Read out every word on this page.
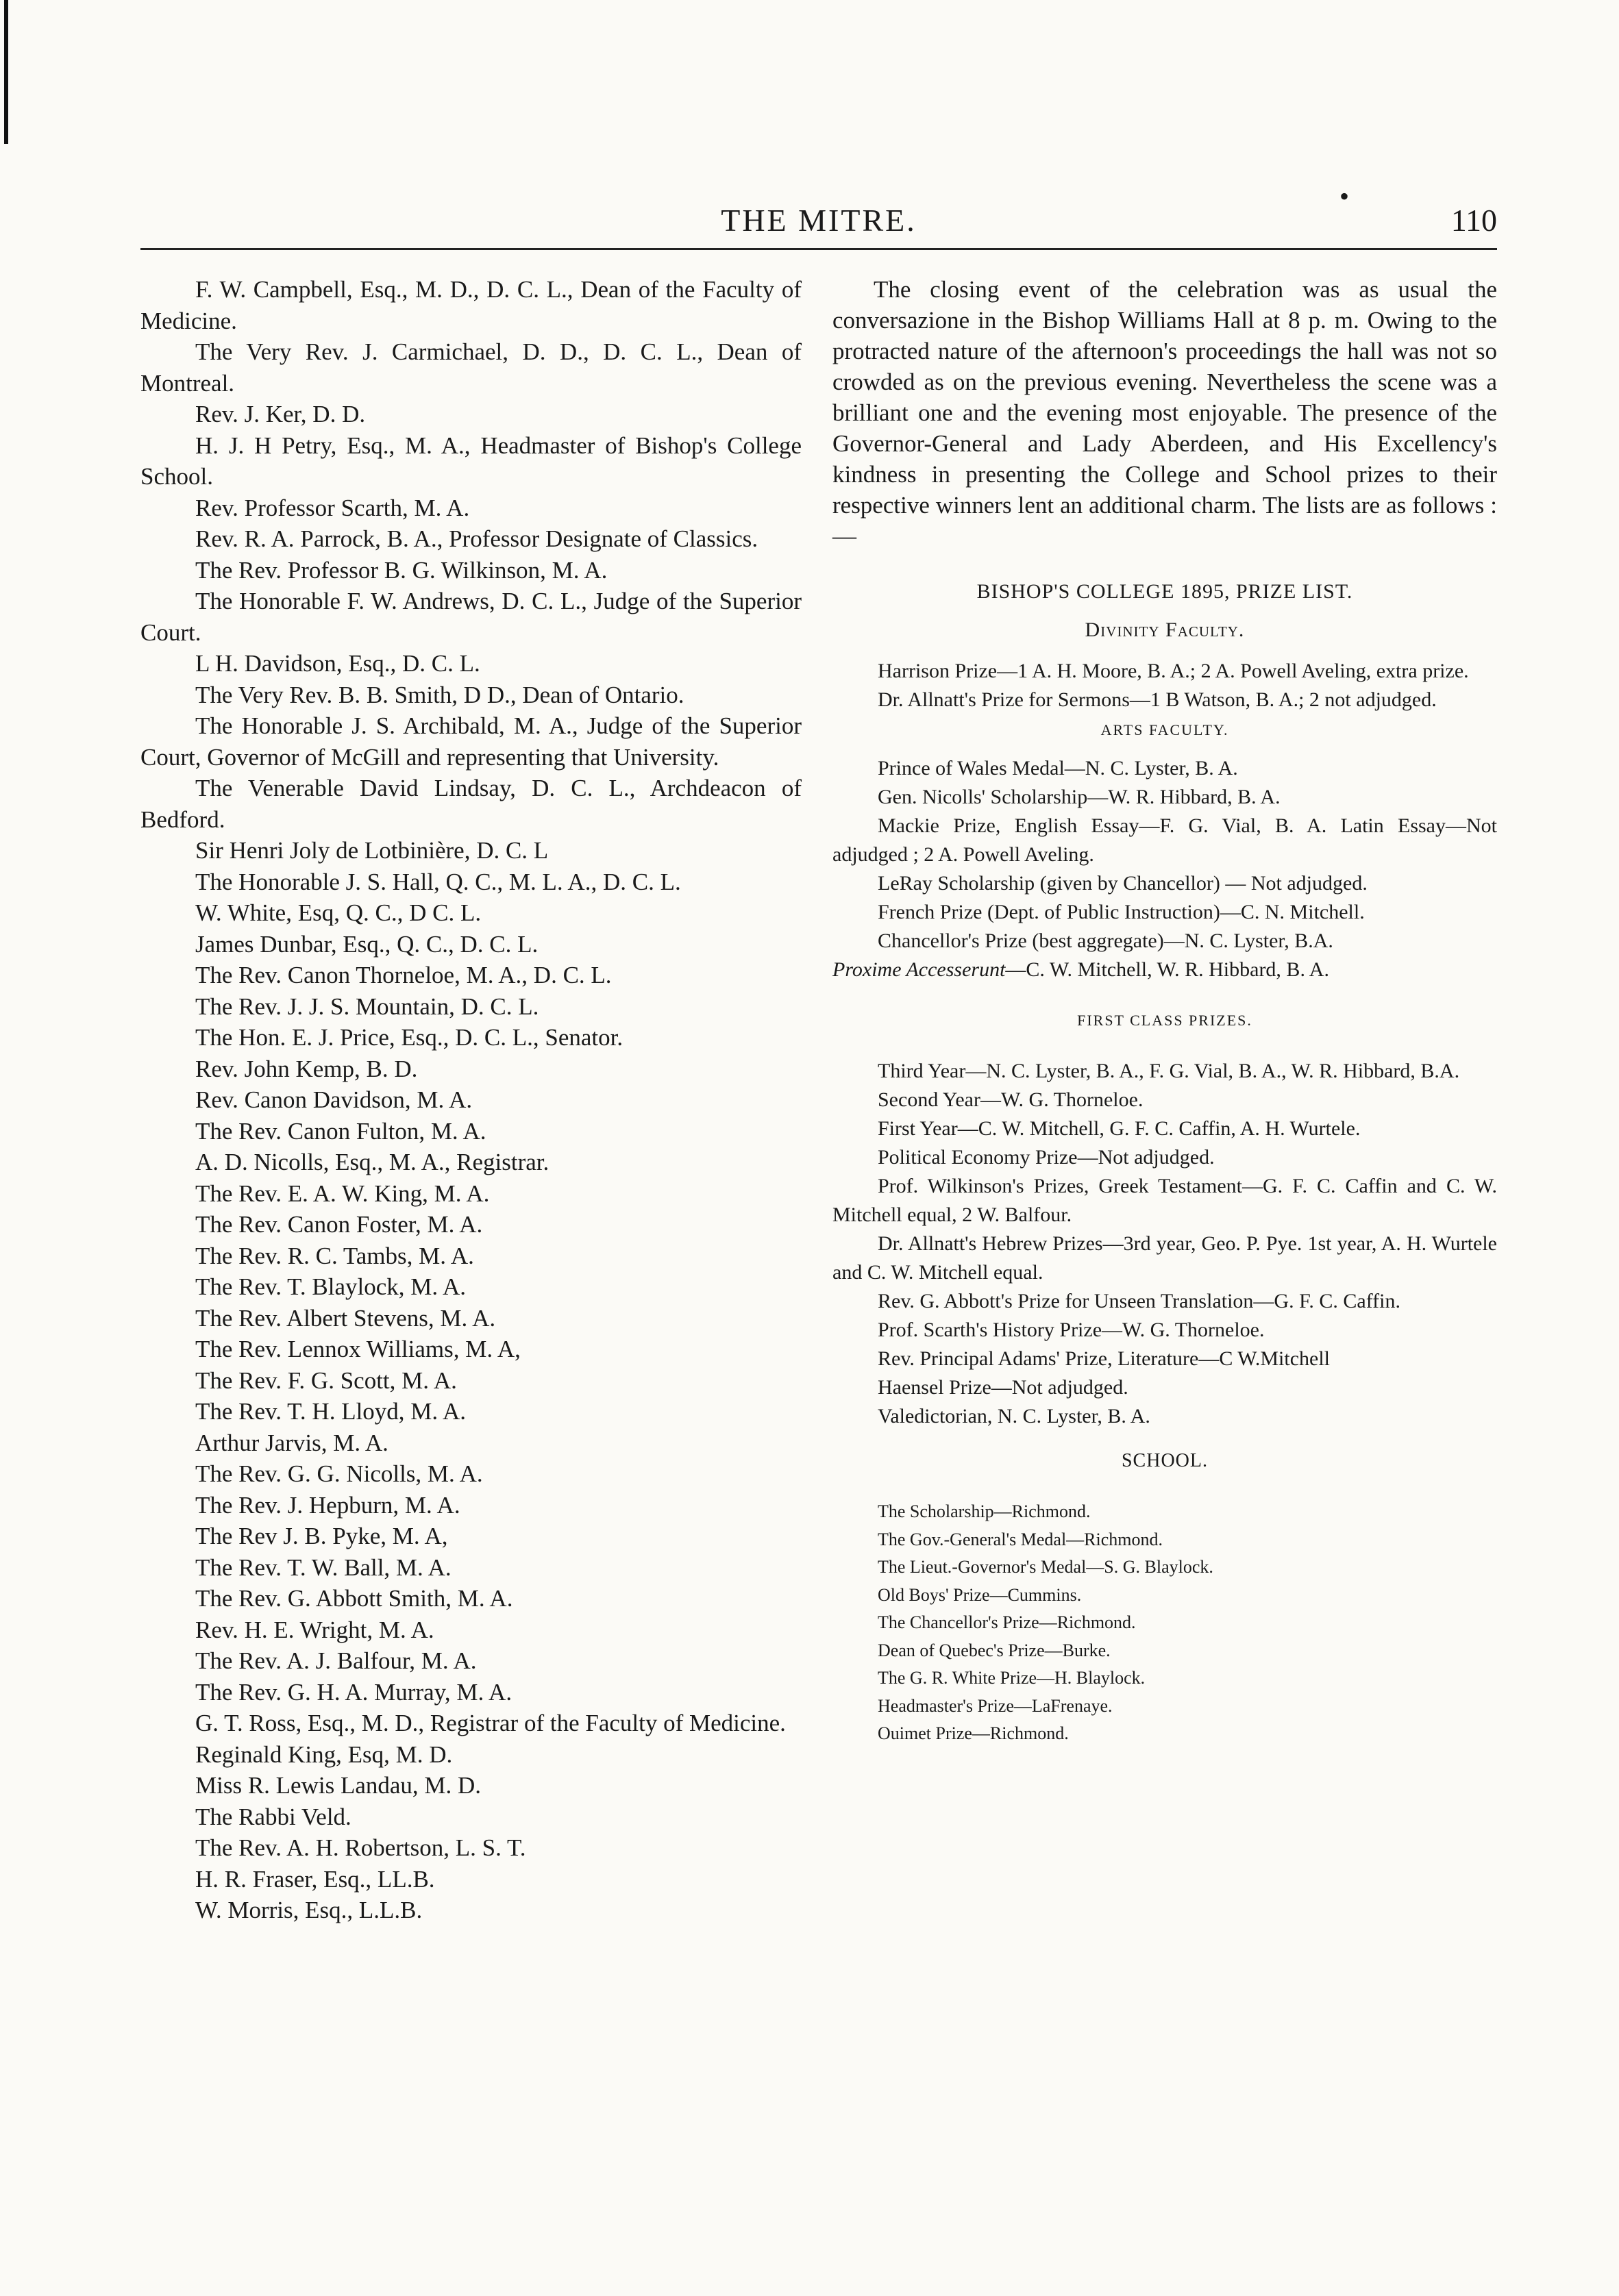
•
THE MITRE.	110

F. W. Campbell, Esq., M. D., D. C. L., Dean of the Faculty of Medicine.

The Very Rev. J. Carmichael, D. D., D. C. L., Dean of Montreal.

Rev. J. Ker, D. D.

H. J. H Petry, Esq., M. A., Headmaster of Bishop's College School.

Rev. Professor Scarth, M. A.

Rev. R. A. Parrock, B. A., Professor Designate of Classics.

The Rev. Professor B. G. Wilkinson, M. A.

The Honorable F. W. Andrews, D. C. L., Judge of the Superior Court.

L H. Davidson, Esq., D. C. L.

The Very Rev. B. B. Smith, D D., Dean of Ontario.

The Honorable J. S. Archibald, M. A., Judge of the Superior Court, Governor of McGill and representing that University.

The Venerable David Lindsay, D. C. L., Archdeacon of Bedford.

Sir Henri Joly de Lotbinière, D. C. L

The Honorable J. S. Hall, Q. C., M. L. A., D. C. L.

W. White, Esq, Q. C., D C. L.

James Dunbar, Esq., Q. C., D. C. L.

The Rev. Canon Thorneloe, M. A., D. C. L.

The Rev. J. J. S. Mountain, D. C. L.

The Hon. E. J. Price, Esq., D. C. L., Senator.

Rev. John Kemp, B. D.

Rev. Canon Davidson, M. A.

The Rev. Canon Fulton, M. A.

A. D. Nicolls, Esq., M. A., Registrar.

The Rev. E. A. W. King, M. A.

The Rev. Canon Foster, M. A.

The Rev. R. C. Tambs, M. A.

The Rev. T. Blaylock, M. A.

The Rev. Albert Stevens, M. A.

The Rev. Lennox Williams, M. A,

The Rev. F. G. Scott, M. A.

The Rev. T. H. Lloyd, M. A.

Arthur Jarvis, M. A.

The Rev. G. G. Nicolls, M. A.

The Rev. J. Hepburn, M. A.

The Rev J. B. Pyke, M. A,

The Rev. T. W. Ball, M. A.

The Rev. G. Abbott Smith, M. A.

Rev. H. E. Wright, M. A.

The Rev. A. J. Balfour, M. A.

The Rev. G. H. A. Murray, M. A.

G. T. Ross, Esq., M. D., Registrar of the Faculty of Medicine.

Reginald King, Esq, M. D.

Miss R. Lewis Landau, M. D.

The Rabbi Veld.

The Rev. A. H. Robertson, L. S. T.

H. R. Fraser, Esq., LL.B.

W. Morris, Esq., L.L.B.

The closing event of the celebration was as usual the conversazione in the Bishop Williams Hall at 8 p. m. Owing to the protracted nature of the afternoon's proceedings the hall was not so crowded as on the previous evening. Nevertheless the scene was a brilliant one and the evening most enjoyable. The presence of the Governor-General and Lady Aberdeen, and His Excellency's kindness in presenting the College and School prizes to their respective winners lent an additional charm. The lists are as follows :—

BISHOP'S COLLEGE 1895, PRIZE LIST.

Divinity Faculty.

Harrison Prize—1 A. H. Moore, B. A.; 2 A. Powell Aveling, extra prize.

Dr. Allnatt's Prize for Sermons—1 B Watson, B. A.; 2 not adjudged.

ARTS FACULTY.

Prince of Wales Medal—N. C. Lyster, B. A.

Gen. Nicolls' Scholarship—W. R. Hibbard, B. A.

Mackie Prize, English Essay—F. G. Vial, B. A. Latin Essay—Not adjudged ; 2 A. Powell Aveling.

LeRay Scholarship (given by Chancellor) — Not adjudged.

French Prize (Dept. of Public Instruction)—C. N. Mitchell.

Chancellor's Prize (best aggregate)—N. C. Lyster, B.A.

Proxime Accesserunt—C. W. Mitchell, W. R. Hibbard, B. A.

FIRST CLASS PRIZES.

Third Year—N. C. Lyster, B. A., F. G. Vial, B. A., W. R. Hibbard, B.A.

Second Year—W. G. Thorneloe.

First Year—C. W. Mitchell, G. F. C. Caffin, A. H. Wurtele.

Political Economy Prize—Not adjudged.

Prof. Wilkinson's Prizes, Greek Testament—G. F. C. Caffin and C. W. Mitchell equal, 2 W. Balfour.

Dr. Allnatt's Hebrew Prizes—3rd year, Geo. P. Pye. 1st year, A. H. Wurtele and C. W. Mitchell equal.

Rev. G. Abbott's Prize for Unseen Translation—G. F. C. Caffin.

Prof. Scarth's History Prize—W. G. Thorneloe.

Rev. Principal Adams' Prize, Literature—C W.Mitchell

Haensel Prize—Not adjudged.

Valedictorian, N. C. Lyster, B. A.

SCHOOL.

The Scholarship—Richmond.

The Gov.-General's Medal—Richmond.

The Lieut.-Governor's Medal—S. G. Blaylock.

Old Boys' Prize—Cummins.

The Chancellor's Prize—Richmond.

Dean of Quebec's Prize—Burke.

The G. R. White Prize—H. Blaylock.

Headmaster's Prize—LaFrenaye.

Ouimet Prize—Richmond.
